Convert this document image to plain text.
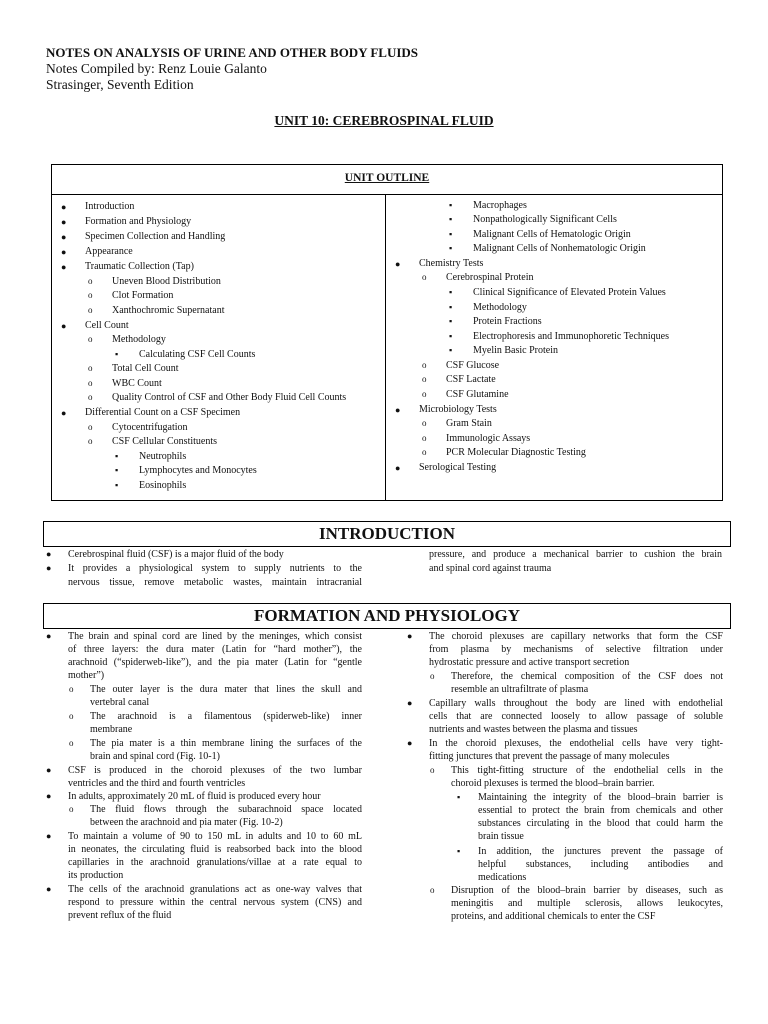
NOTES ON ANALYSIS OF URINE AND OTHER BODY FLUIDS
Notes Compiled by: Renz Louie Galanto
Strasinger, Seventh Edition
UNIT 10: CEREBROSPINAL FLUID
UNIT OUTLINE
● Introduction
● Formation and Physiology
● Specimen Collection and Handling
● Appearance
● Traumatic Collection (Tap)
o Uneven Blood Distribution
o Clot Formation
o Xanthochromic Supernatant
● Cell Count
o Methodology
▪ Calculating CSF Cell Counts
o Total Cell Count
o WBC Count
o Quality Control of CSF and Other Body Fluid Cell Counts
● Differential Count on a CSF Specimen
o Cytocentrifugation
o CSF Cellular Constituents
▪ Neutrophils
▪ Lymphocytes and Monocytes
▪ Eosinophils
▪ Macrophages
▪ Nonpathologically Significant Cells
▪ Malignant Cells of Hematologic Origin
▪ Malignant Cells of Nonhematologic Origin
● Chemistry Tests
o Cerebrospinal Protein
▪ Clinical Significance of Elevated Protein Values
▪ Methodology
▪ Protein Fractions
▪ Electrophoresis and Immunophoretic Techniques
▪ Myelin Basic Protein
o CSF Glucose
o CSF Lactate
o CSF Glutamine
● Microbiology Tests
o Gram Stain
o Immunologic Assays
o PCR Molecular Diagnostic Testing
● Serological Testing
INTRODUCTION
● Cerebrospinal fluid (CSF) is a major fluid of the body
● It provides a physiological system to supply nutrients to the
nervous tissue, remove metabolic wastes, maintain intracranial
pressure, and produce a mechanical barrier to cushion the brain
and spinal cord against trauma
FORMATION AND PHYSIOLOGY
● The brain and spinal cord are lined by the meninges, which consist
of three layers: the dura mater (Latin for “hard mother”), the
arachnoid (“spiderweb-like”), and the pia mater (Latin for “gentle
mother”)
o The outer layer is the dura mater that lines the skull and
vertebral canal
o The arachnoid is a filamentous (spiderweb-like) inner
membrane
o The pia mater is a thin membrane lining the surfaces of the
brain and spinal cord (Fig. 10-1)
● CSF is produced in the choroid plexuses of the two lumbar
ventricles and the third and fourth ventricles
● In adults, approximately 20 mL of fluid is produced every hour
o The fluid flows through the subarachnoid space located
between the arachnoid and pia mater (Fig. 10-2)
● To maintain a volume of 90 to 150 mL in adults and 10 to 60 mL
in neonates, the circulating fluid is reabsorbed back into the blood
capillaries in the arachnoid granulations/villae at a rate equal to
its production
● The cells of the arachnoid granulations act as one-way valves that
respond to pressure within the central nervous system (CNS) and
prevent reflux of the fluid
● The choroid plexuses are capillary networks that form the CSF
from plasma by mechanisms of selective filtration under
hydrostatic pressure and active transport secretion
o Therefore, the chemical composition of the CSF does not
resemble an ultrafiltrate of plasma
● Capillary walls throughout the body are lined with endothelial
cells that are connected loosely to allow passage of soluble
nutrients and wastes between the plasma and tissues
● In the choroid plexuses, the endothelial cells have very tight-
fitting junctures that prevent the passage of many molecules
o This tight-fitting structure of the endothelial cells in the
choroid plexuses is termed the blood–brain barrier.
▪ Maintaining the integrity of the blood–brain barrier is
essential to protect the brain from chemicals and other
substances circulating in the blood that could harm the
brain tissue
▪ In addition, the junctures prevent the passage of
helpful substances, including antibodies and
medications
o Disruption of the blood–brain barrier by diseases, such as
meningitis and multiple sclerosis, allows leukocytes,
proteins, and additional chemicals to enter the CSF
